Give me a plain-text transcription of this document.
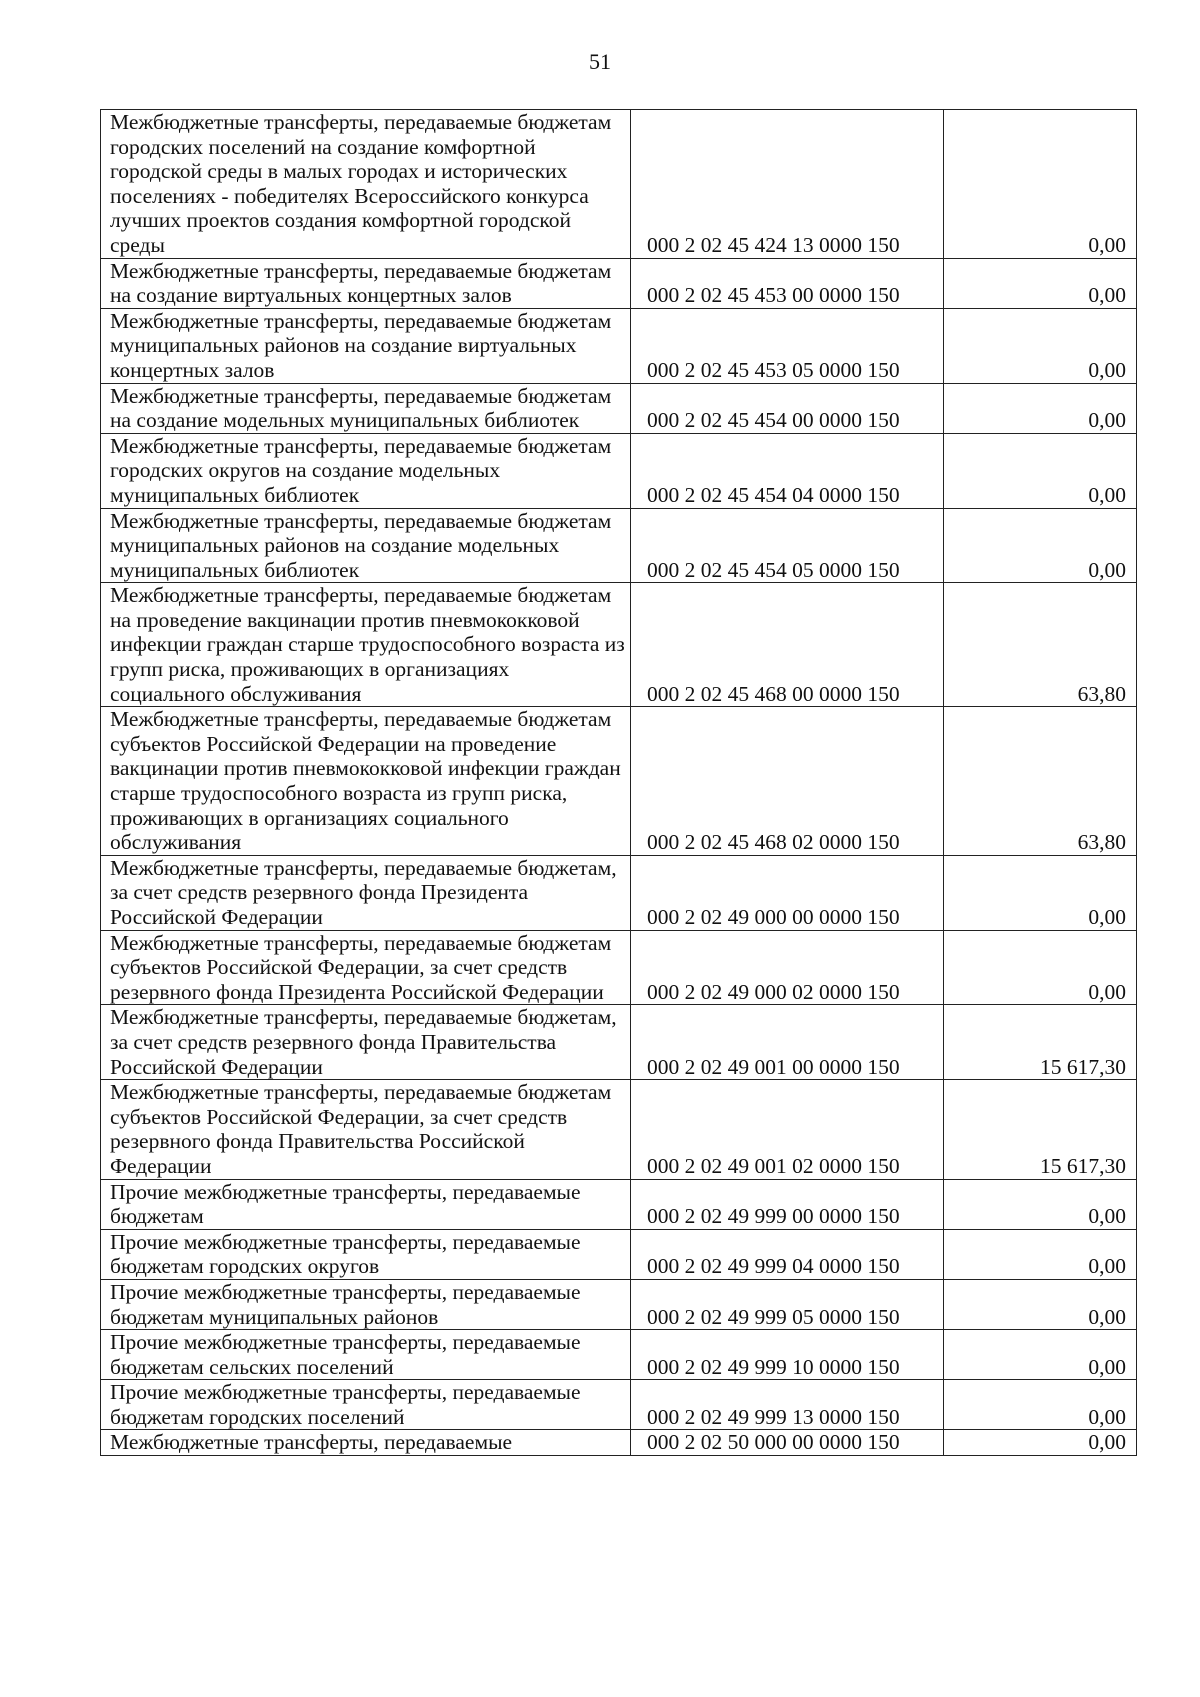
51
Межбюджетные трансферты, передаваемые бюджетам городских поселений на создание комфортной городской среды в малых городах и исторических поселениях - победителях Всероссийского конкурса лучших проектов создания комфортной городской среды	000 2 02 45 424 13 0000 150	0,00
Межбюджетные трансферты, передаваемые бюджетам на создание виртуальных концертных залов	000 2 02 45 453 00 0000 150	0,00
Межбюджетные трансферты, передаваемые бюджетам муниципальных районов на создание виртуальных концертных залов	000 2 02 45 453 05 0000 150	0,00
Межбюджетные трансферты, передаваемые бюджетам на создание модельных муниципальных библиотек	000 2 02 45 454 00 0000 150	0,00
Межбюджетные трансферты, передаваемые бюджетам городских округов на создание модельных муниципальных библиотек	000 2 02 45 454 04 0000 150	0,00
Межбюджетные трансферты, передаваемые бюджетам муниципальных районов на создание модельных муниципальных библиотек	000 2 02 45 454 05 0000 150	0,00
Межбюджетные трансферты, передаваемые бюджетам на проведение вакцинации против пневмококковой инфекции граждан старше трудоспособного возраста из групп риска, проживающих в организациях социального обслуживания	000 2 02 45 468 00 0000 150	63,80
Межбюджетные трансферты, передаваемые бюджетам субъектов Российской Федерации на проведение вакцинации против пневмококковой инфекции граждан старше трудоспособного возраста из групп риска, проживающих в организациях социального обслуживания	000 2 02 45 468 02 0000 150	63,80
Межбюджетные трансферты, передаваемые бюджетам, за счет средств резервного фонда Президента Российской Федерации	000 2 02 49 000 00 0000 150	0,00
Межбюджетные трансферты, передаваемые бюджетам субъектов Российской Федерации, за счет средств резервного фонда Президента Российской Федерации	000 2 02 49 000 02 0000 150	0,00
Межбюджетные трансферты, передаваемые бюджетам, за счет средств резервного фонда Правительства Российской Федерации	000 2 02 49 001 00 0000 150	15 617,30
Межбюджетные трансферты, передаваемые бюджетам субъектов Российской Федерации, за счет средств резервного фонда Правительства Российской Федерации	000 2 02 49 001 02 0000 150	15 617,30
Прочие межбюджетные трансферты, передаваемые бюджетам	000 2 02 49 999 00 0000 150	0,00
Прочие межбюджетные трансферты, передаваемые бюджетам городских округов	000 2 02 49 999 04 0000 150	0,00
Прочие межбюджетные трансферты, передаваемые бюджетам муниципальных районов	000 2 02 49 999 05 0000 150	0,00
Прочие межбюджетные трансферты, передаваемые бюджетам сельских поселений	000 2 02 49 999 10 0000 150	0,00
Прочие межбюджетные трансферты, передаваемые бюджетам городских поселений	000 2 02 49 999 13 0000 150	0,00
Межбюджетные трансферты, передаваемые	000 2 02 50 000 00 0000 150	0,00
